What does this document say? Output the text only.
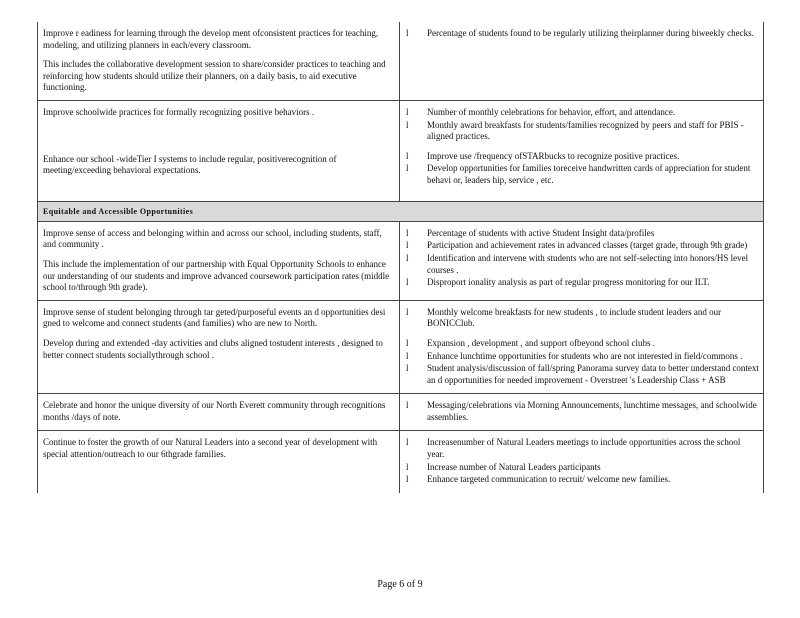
Improve r eadiness for learning through the develop ment ofconsistent practices for teaching, modeling, and utilizing planners in each/every classroom.

This includes the collaborative development session to share/consider practices to teaching and reinforcing how students should utilize their planners, on a daily basis, to aid executive functioning.

l	Percentage of students found to be regularly utilizing theirplanner during biweekly checks.

Improve schoolwide practices for formally recognizing positive behaviors .

Enhance our school -wideTier I systems to include regular, positiverecognition of meeting/exceeding behavioral expectations.

l	Number of monthly celebrations for behavior, effort, and attendance.
l	Monthly award breakfasts for students/families recognized by peers and staff for PBIS - aligned practices.
l	Improve use /frequency ofSTARbucks to recognize positive practices.
l	Develop opportunities for families toreceive handwritten cards of appreciation for student behavi or, leaders hip, service , etc.
Equitable and Accessible Opportunities

Improve sense of access and belonging within and across our school, including students, staff, and community .

This include the implementation of our partnership with Equal Opportunity Schools to enhance our understanding of our students and improve advanced coursework participation rates (middle school to/through 9th grade).

l	Percentage of students with active Student Insight data/profiles
l	Participation and achievement rates in advanced classes (target grade, through 9th grade)
l	Identification and intervene with students who are not self-selecting into honors/HS level courses .
l	Disproport ionality analysis as part of regular progress monitoring for our ILT.

Improve sense of student belonging through tar geted/purposeful events an d opportunities desi gned to welcome and connect students (and families) who are new to North.

Develop during and extended -day activities and clubs aligned tostudent interests , designed to better connect students sociallythrough school .

l	Monthly welcome breakfasts for new students , to include student leaders and our BONICClub.
l	Expansion , development , and support ofbeyond school clubs .
l	Enhance lunchtime opportunities for students who are not interested in field/commons .
l	Student analysis/discussion of fall/spring Panorama survey data to better understand context an d opportunities for needed improvement - Overstreet 's Leadership Class + ASB

Celebrate and honor the unique diversity of our North Everett community through recognitions months /days of note.

l	Messaging/celebrations via Morning Announcements, lunchtime messages, and schoolwide assemblies.

Continue to foster the growth of our Natural Leaders into a second year of development with special attention/outreach to our 6thgrade families.

l	Increasenumber of Natural Leaders meetings to include opportunities across the school year.
l	Increase number of Natural Leaders participants
l	Enhance targeted communication to recruit/ welcome new families.
Page 6 of 9
